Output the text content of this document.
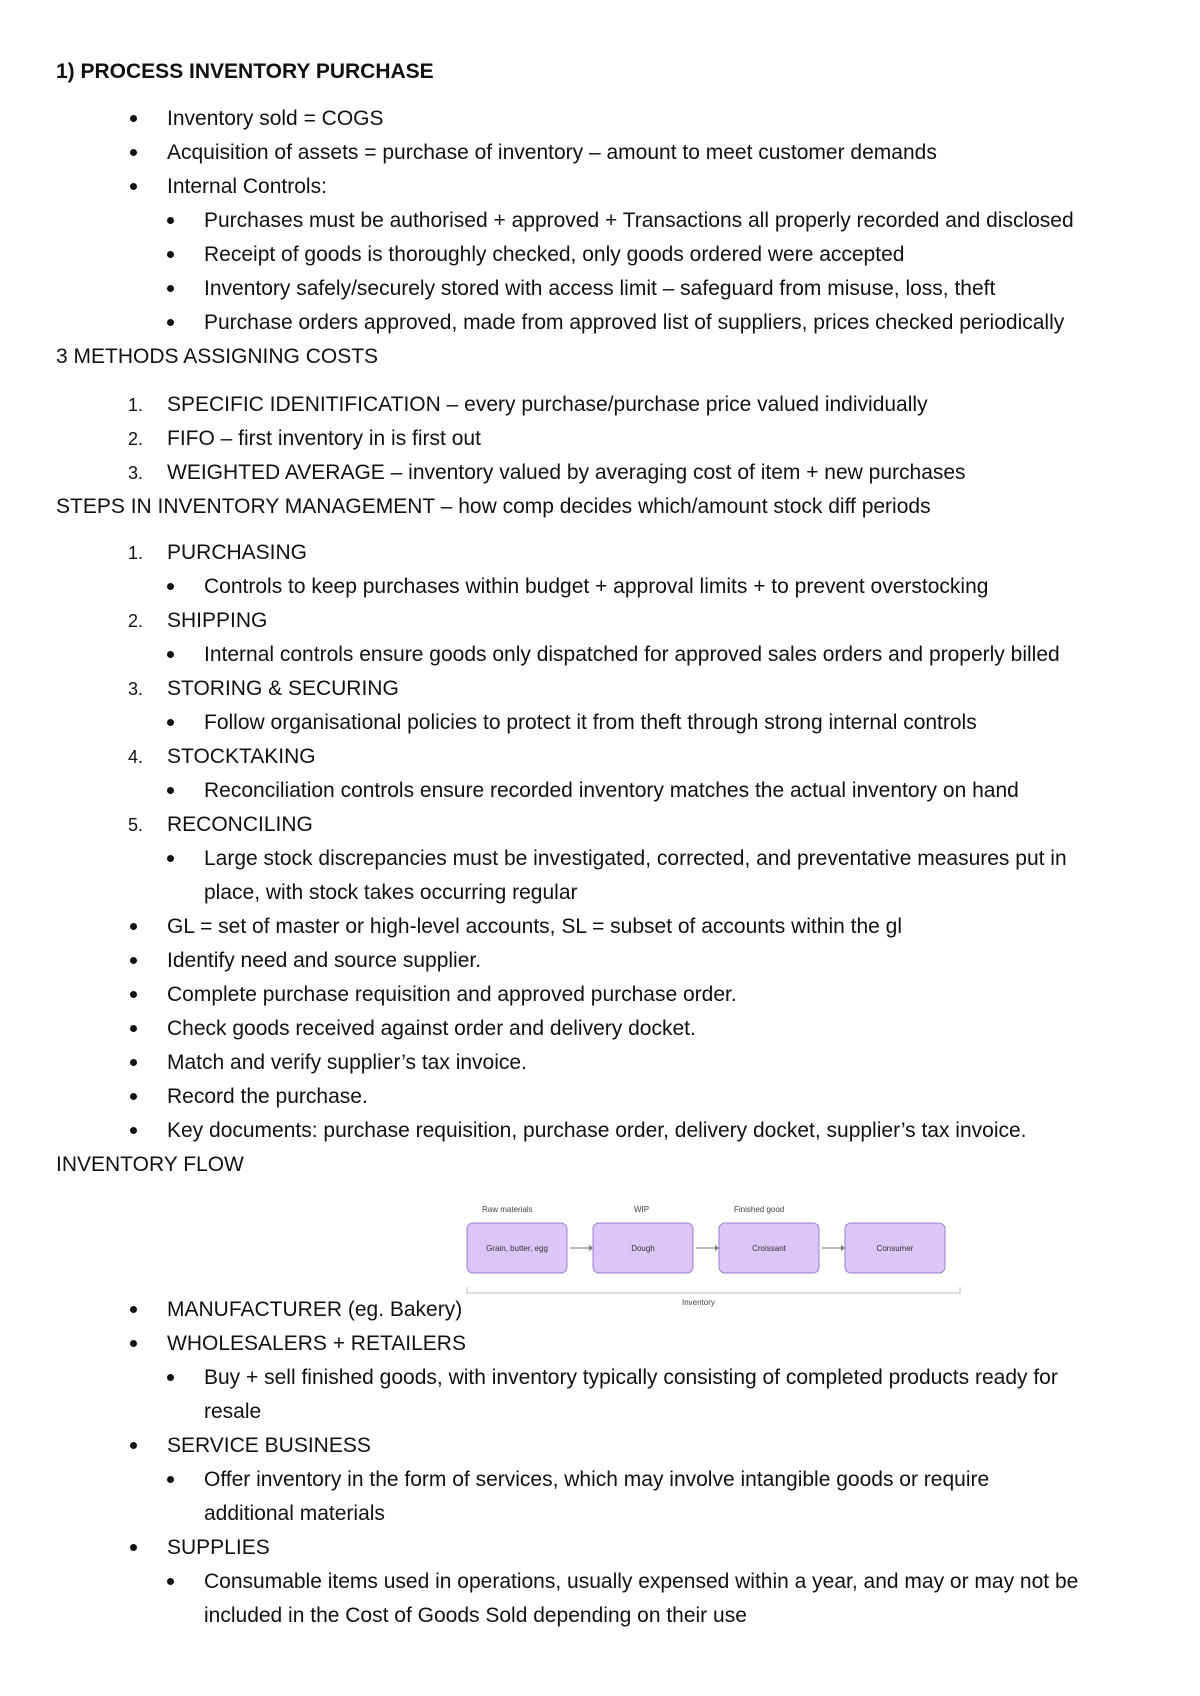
1) PROCESS INVENTORY PURCHASE
Inventory sold = COGS
Acquisition of assets = purchase of inventory – amount to meet customer demands
Internal Controls:
Purchases must be authorised + approved + Transactions all properly recorded and disclosed
Receipt of goods is thoroughly checked, only goods ordered were accepted
Inventory safely/securely stored with access limit – safeguard from misuse, loss, theft
Purchase orders approved, made from approved list of suppliers, prices checked periodically
3 METHODS ASSIGNING COSTS
1. SPECIFIC IDENITIFICATION – every purchase/purchase price valued individually
2. FIFO – first inventory in is first out
3. WEIGHTED AVERAGE – inventory valued by averaging cost of item + new purchases
STEPS IN INVENTORY MANAGEMENT – how comp decides which/amount stock diff periods
1. PURCHASING
Controls to keep purchases within budget + approval limits + to prevent overstocking
2. SHIPPING
Internal controls ensure goods only dispatched for approved sales orders and properly billed
3. STORING & SECURING
Follow organisational policies to protect it from theft through strong internal controls
4. STOCKTAKING
Reconciliation controls ensure recorded inventory matches the actual inventory on hand
5. RECONCILING
Large stock discrepancies must be investigated, corrected, and preventative measures put in
place, with stock takes occurring regular
GL = set of master or high-level accounts, SL = subset of accounts within the gl
Identify need and source supplier.
Complete purchase requisition and approved purchase order.
Check goods received against order and delivery docket.
Match and verify supplier’s tax invoice.
Record the purchase.
Key documents: purchase requisition, purchase order, delivery docket, supplier’s tax invoice.
INVENTORY FLOW
Raw materials	WIP	Finished good
Grain, butter, egg	Dough	Croissant	Consumer
Inventory
MANUFACTURER (eg. Bakery)
WHOLESALERS + RETAILERS
Buy + sell finished goods, with inventory typically consisting of completed products ready for
resale
SERVICE BUSINESS
Offer inventory in the form of services, which may involve intangible goods or require
additional materials
SUPPLIES
Consumable items used in operations, usually expensed within a year, and may or may not be
included in the Cost of Goods Sold depending on their use
